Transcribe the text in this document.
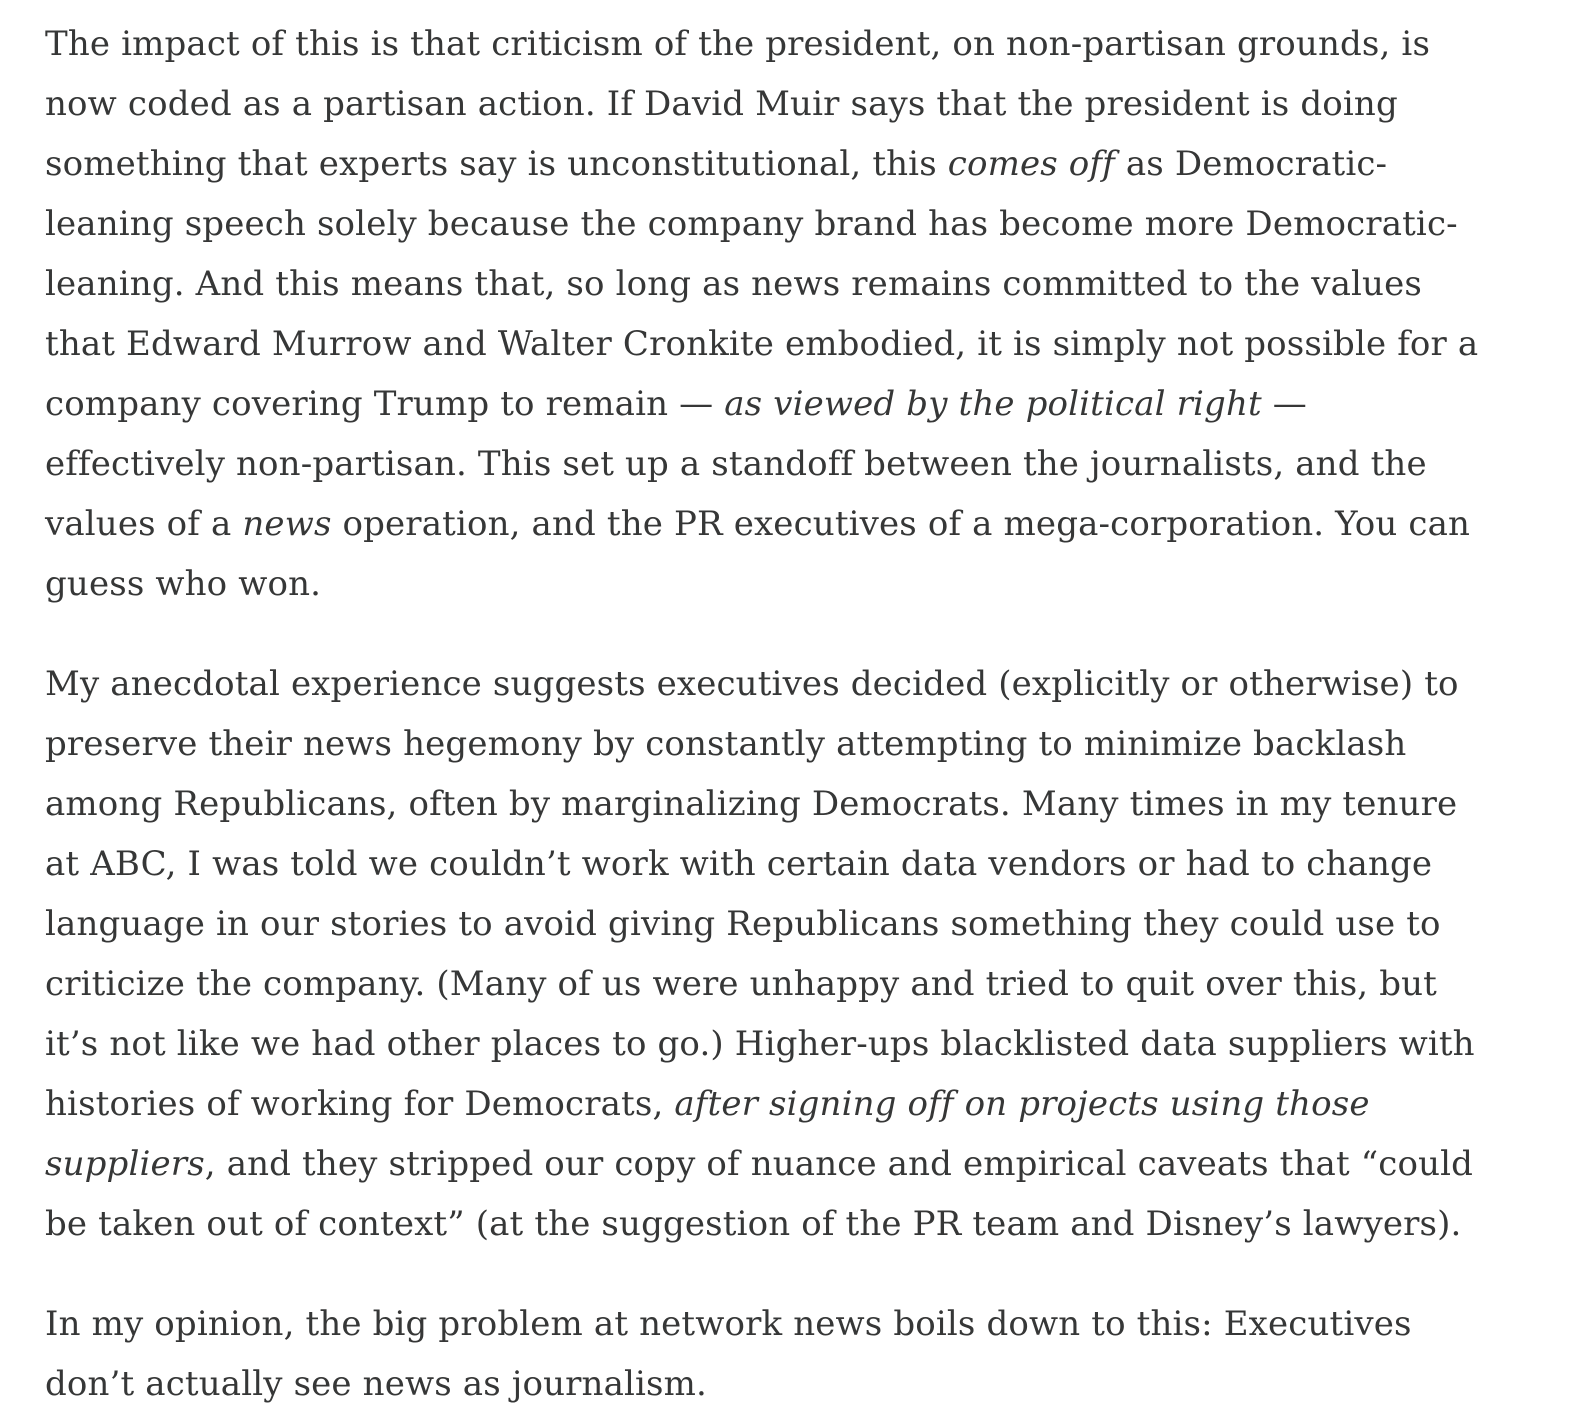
The impact of this is that criticism of the president, on non-partisan grounds, is now coded as a partisan action. If David Muir says that the president is doing something that experts say is unconstitutional, this comes off as Democratic-leaning speech solely because the company brand has become more Democratic-leaning. And this means that, so long as news remains committed to the values that Edward Murrow and Walter Cronkite embodied, it is simply not possible for a company covering Trump to remain — as viewed by the political right — effectively non-partisan. This set up a standoff between the journalists, and the values of a news operation, and the PR executives of a mega-corporation. You can guess who won.

My anecdotal experience suggests executives decided (explicitly or otherwise) to preserve their news hegemony by constantly attempting to minimize backlash among Republicans, often by marginalizing Democrats. Many times in my tenure at ABC, I was told we couldn’t work with certain data vendors or had to change language in our stories to avoid giving Republicans something they could use to criticize the company. (Many of us were unhappy and tried to quit over this, but it’s not like we had other places to go.) Higher-ups blacklisted data suppliers with histories of working for Democrats, after signing off on projects using those suppliers, and they stripped our copy of nuance and empirical caveats that “could be taken out of context” (at the suggestion of the PR team and Disney’s lawyers).

In my opinion, the big problem at network news boils down to this: Executives don’t actually see news as journalism.
